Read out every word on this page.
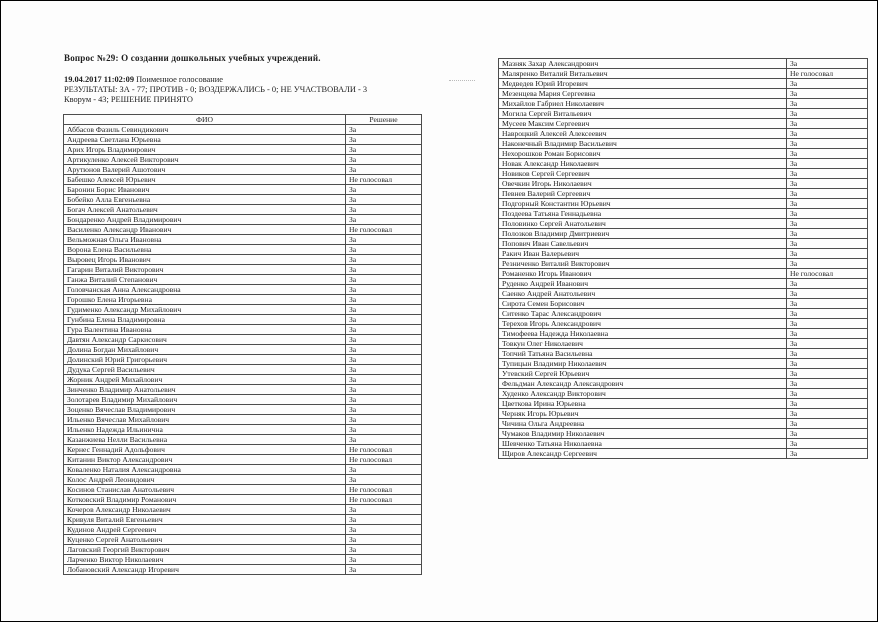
Вопрос №29: О создании дошкольных учебных учреждений.
19.04.2017 11:02:09 Поименное голосование
РЕЗУЛЬТАТЫ: ЗА - 77; ПРОТИВ - 0; ВОЗДЕРЖАЛИСЬ - 0; НЕ УЧАСТВОВАЛИ - 3
Кворум - 43; РЕШЕНИЕ ПРИНЯТО
ФИО	Решение
Аббасов Фазиль Севиндикович	За
Андреева Светлана Юрьевна	За
Арих Игорь Владимирович	За
Артикуленко Алексей Викторович	За
Арутюнов Валерий Ашотович	За
Бабешко Алексей Юрьевич	Не голосовал
Баронин Борис Иванович	За
Бобейко Алла Евгеньевна	За
Богач Алексей Анатольевич	За
Бондаренко Андрей Владимирович	За
Василенко Александр Иванович	Не голосовал
Вельможная Ольга Ивановна	За
Ворона Елена Васильевна	За
Выровец Игорь Иванович	За
Гагарин Виталий Викторович	За
Ганжа Виталий Степанович	За
Головчанская Анна Александровна	За
Горошко Елена Игорьевна	За
Гудименко Александр Михайлович	За
Гунбина Елена Владимировна	За
Гура Валентина Ивановна	За
Давтян Александр Саркисович	За
Долина Богдан Михайлович	За
Долинский Юрий Григорьевич	За
Дудука Сергей Васильевич	За
Жорник Андрей Михайлович	За
Зинченко Владимир Анатольевич	За
Золотарев Владимир Михайлович	За
Зоценко Вячеслав Владимирович	За
Ильенко Вячеслав Михайлович	За
Ильенко Надежда Ильинична	За
Казанжиева Нелли Васильевна	За
Кернес Геннадий Адольфович	Не голосовал
Китанин Виктор Александрович	Не голосовал
Коваленко Наталия Александровна	За
Колос Андрей Леонидович	За
Косинов Станислав Анатольевич	Не голосовал
Котковский Владимир Романович	Не голосовал
Кочеров Александр Николаевич	За
Кривуля Виталий Евгеньевич	За
Кудинов Андрей Сергеевич	За
Куценко Сергей Анатольевич	За
Лаговский Георгий Викторович	За
Ларченко Виктор Николаевич	За
Лобановский Александр Игоревич	За
Мазняк Захар Александрович	За
Маляренко Виталий Витальевич	Не голосовал
Медведев Юрий Игоревич	За
Мезенцева Мария Сергеевна	За
Михайлов Габриел Николаевич	За
Могила Сергей Витальевич	За
Мусеев Максим Сергеевич	За
Навроцкий Алексей Алексеевич	За
Наконечный Владимир Васильевич	За
Нехорошков Роман Борисович	За
Новак Александр Николаевич	За
Новиков Сергей Сергеевич	За
Овечкин Игорь Николаевич	За
Певнев Валерий Сергеевич	За
Подгорный Константин Юрьевич	За
Поздеева Татьяна Геннадьевна	За
Половинко Сергей Анатольевич	За
Полозков Владимир Дмитриевич	За
Попович Иван Савельевич	За
Ракич Иван Валерьевич	За
Резниченко Виталий Викторович	За
Романенко Игорь Иванович	Не голосовал
Руденко Андрей Иванович	За
Саенко Андрей Анатольевич	За
Сирота Семен Борисович	За
Ситенко Тарас Александрович	За
Терехов Игорь Александрович	За
Тимофеева Надежда Николаевна	За
Товкун Олег Николаевич	За
Топчий Татьяна Васильевна	За
Тупицын Владимир Николаевич	За
Утевский Сергей Юрьевич	За
Фельдман Александр Александрович	За
Худенко Александр Викторович	За
Цветкова Ирина Юрьевна	За
Черняк Игорь Юрьевич	За
Чичина Ольга Андреевна	За
Чумаков Владимир Николаевич	За
Шевченко Татьяна Николаевна	За
Щиров Александр Сергеевич	За
